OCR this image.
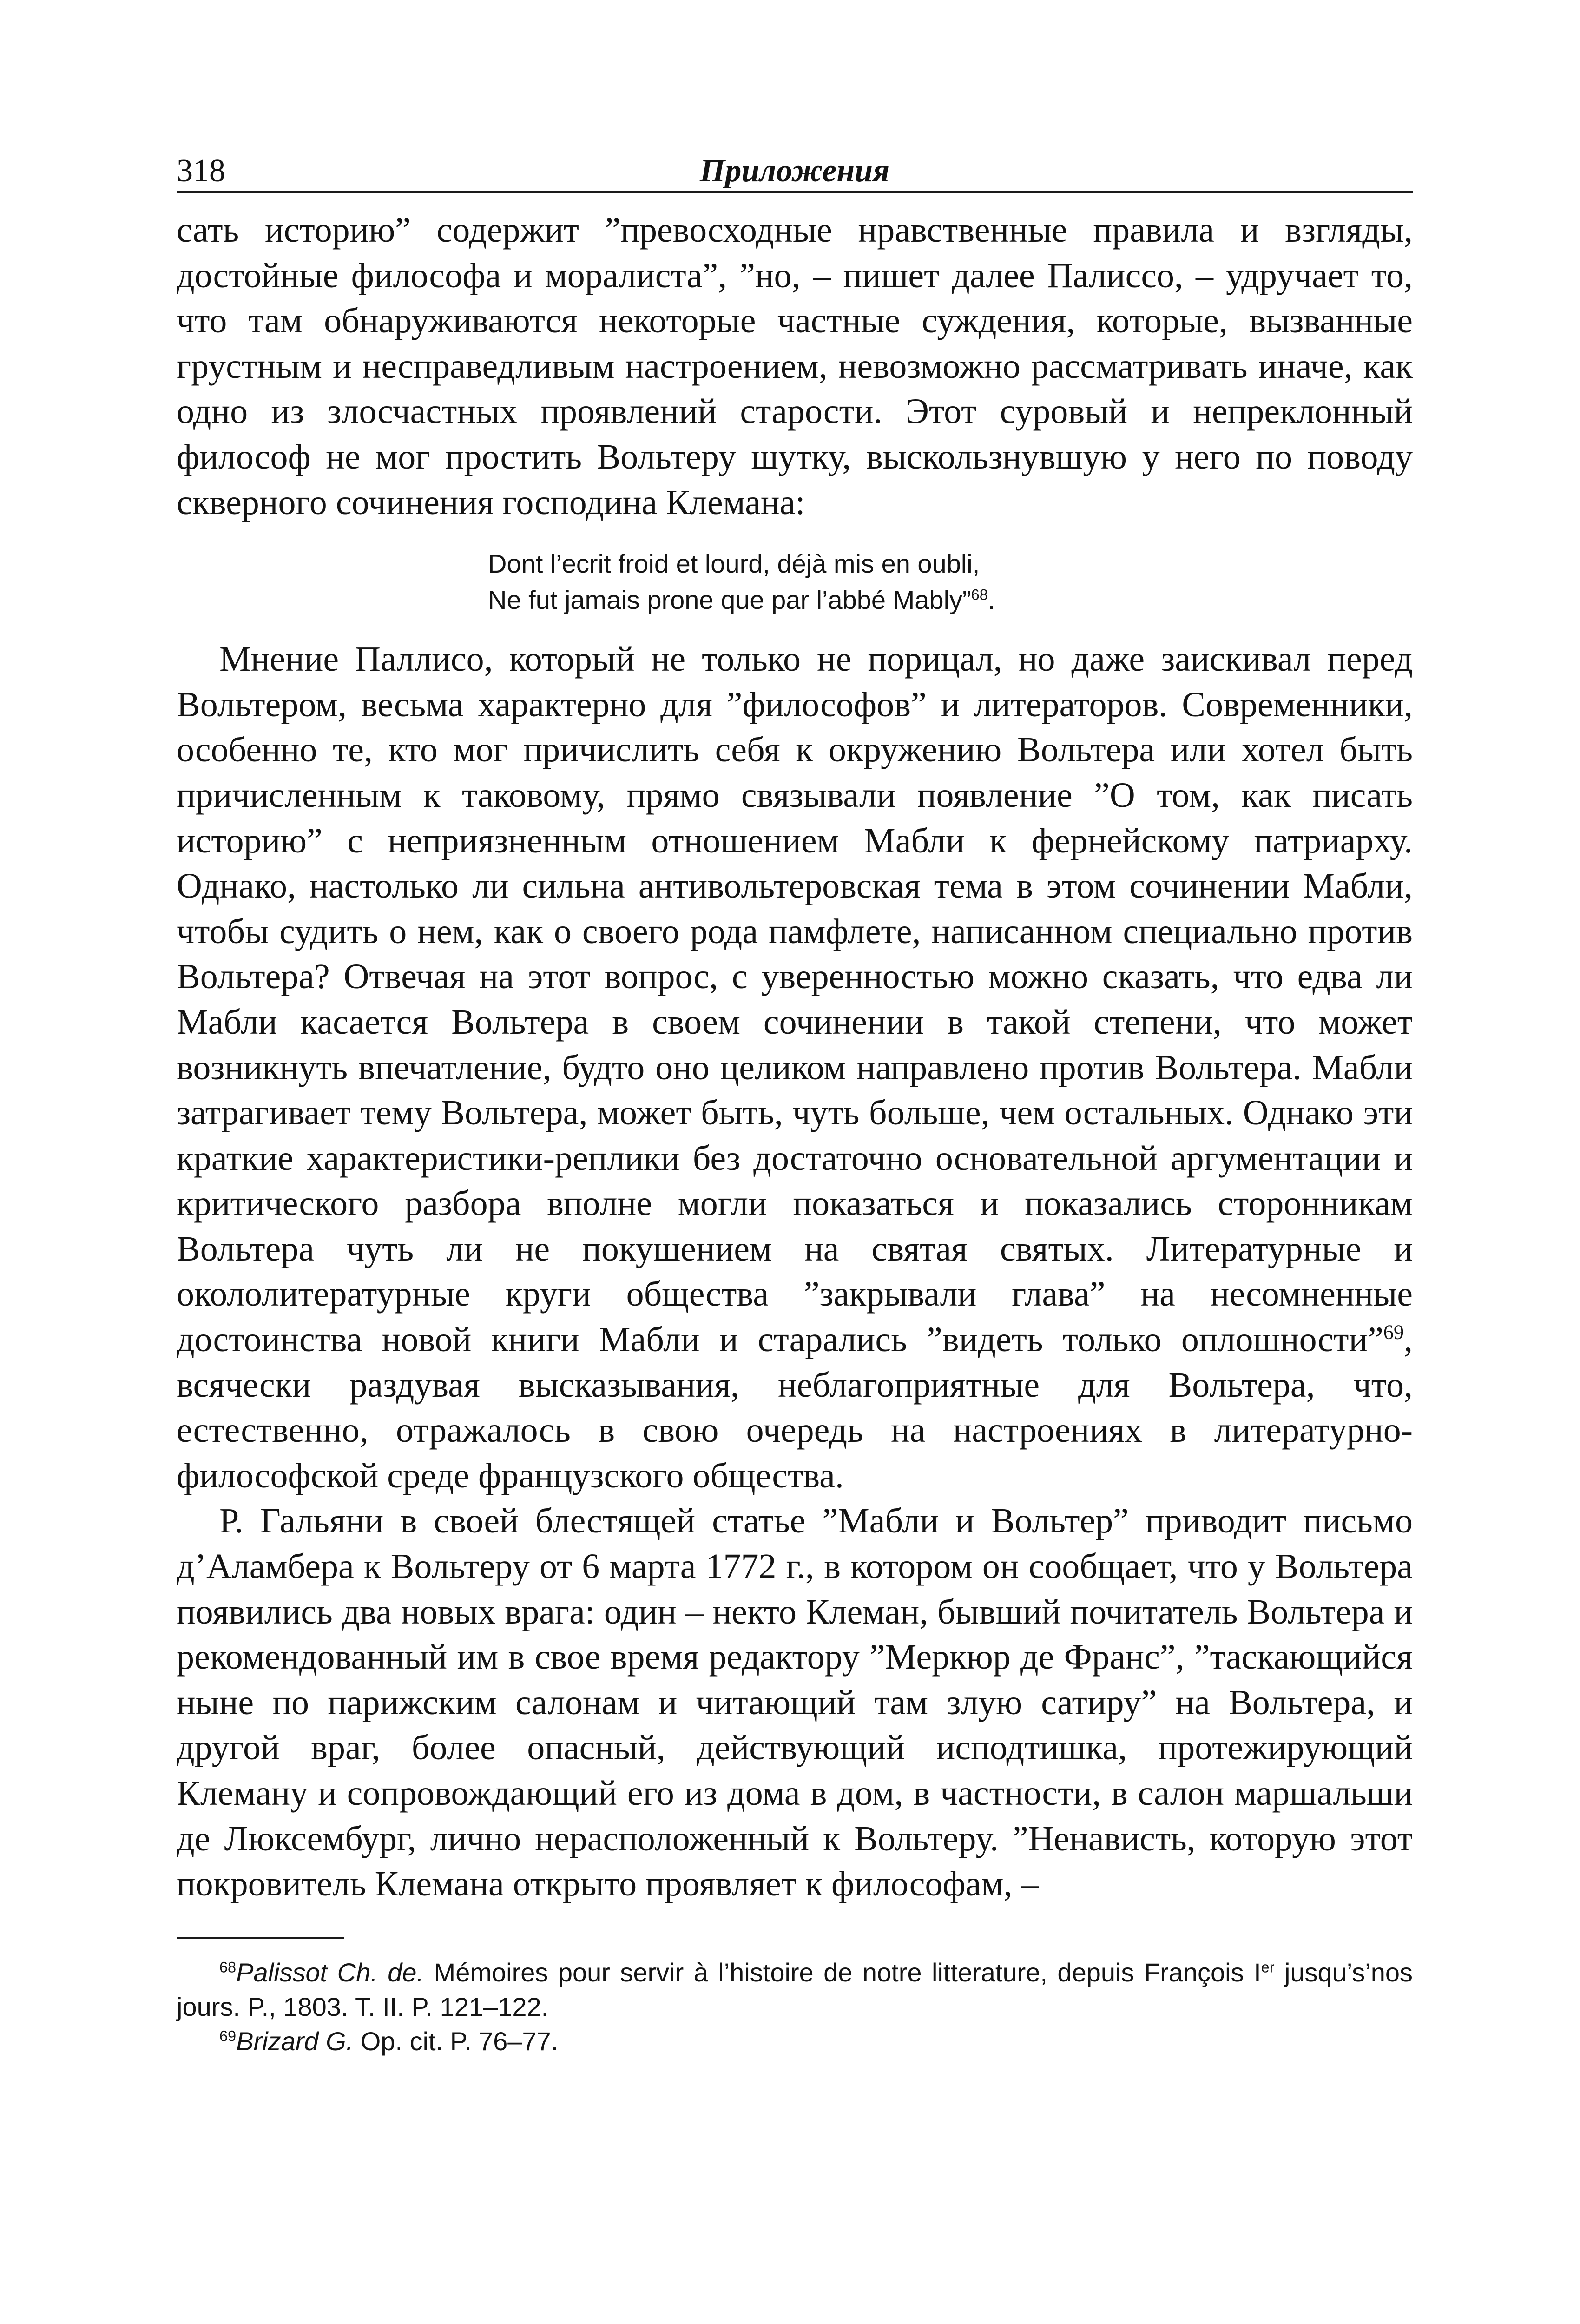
318	Приложения

сать историю” содержит ”превосходные нравственные правила и взгляды, достойные философа и моралиста”, ”но, – пишет далее Палиссо, – удручает то, что там обнаруживаются некоторые частные суждения, которые, вызванные грустным и несправедливым настроением, невозможно рассматривать иначе, как одно из злосчастных проявлений старости. Этот суровый и непреклонный философ не мог простить Вольтеру шутку, выскользнувшую у него по поводу скверного сочинения господина Клемана:

Dont l’ecrit froid et lourd, déjà mis en oubli,
Ne fut jamais prone que par l’abbé Mably”$^{68}$.

Мнение Паллисо, который не только не порицал, но даже заискивал перед Вольтером, весьма характерно для ”философов” и литераторов. Современники, особенно те, кто мог причислить себя к окружению Вольтера или хотел быть причисленным к таковому, прямо связывали появление ”О том, как писать историю” с неприязненным отношением Мабли к фернейскому патриарху. Однако, настолько ли сильна антивольтеровская тема в этом сочинении Мабли, чтобы судить о нем, как о своего рода памфлете, написанном специально против Вольтера? Отвечая на этот вопрос, с уверенностью можно сказать, что едва ли Мабли касается Вольтера в своем сочинении в такой степени, что может возникнуть впечатление, будто оно целиком направлено против Вольтера. Мабли затрагивает тему Вольтера, может быть, чуть больше, чем остальных. Однако эти краткие характеристики-реплики без достаточно основательной аргументации и критического разбора вполне могли показаться и показались сторонникам Вольтера чуть ли не покушением на святая святых. Литературные и окололитературные круги общества ”закрывали глава” на несомненные достоинства новой книги Мабли и старались ”видеть только оплошности”$^{69}$, всячески раздувая высказывания, неблагоприятные для Вольтера, что, естественно, отражалось в свою очередь на настроениях в литературно-философской среде французского общества.

Р. Гальяни в своей блестящей статье ”Мабли и Вольтер” приводит письмо д’Аламбера к Вольтеру от 6 марта 1772 г., в котором он сообщает, что у Вольтера появились два новых врага: один – некто Клеман, бывший почитатель Вольтера и рекомендованный им в свое время редактору ”Меркюр де Франс”, ”таскающийся ныне по парижским салонам и читающий там злую сатиру” на Вольтера, и другой враг, более опасный, действующий исподтишка, протежирующий Клеману и сопровождающий его из дома в дом, в частности, в салон маршальши де Люксембург, лично нерасположенный к Вольтеру. ”Ненависть, которую этот покровитель Клемана открыто проявляет к философам, –

$^{68}$Palissot Ch. de. Mémoires pour servir à l’histoire de notre litterature, depuis François Ier jusqu’s’nos jours. P., 1803. T. II. P. 121–122.

$^{69}$Brizard G. Op. cit. P. 76–77.
